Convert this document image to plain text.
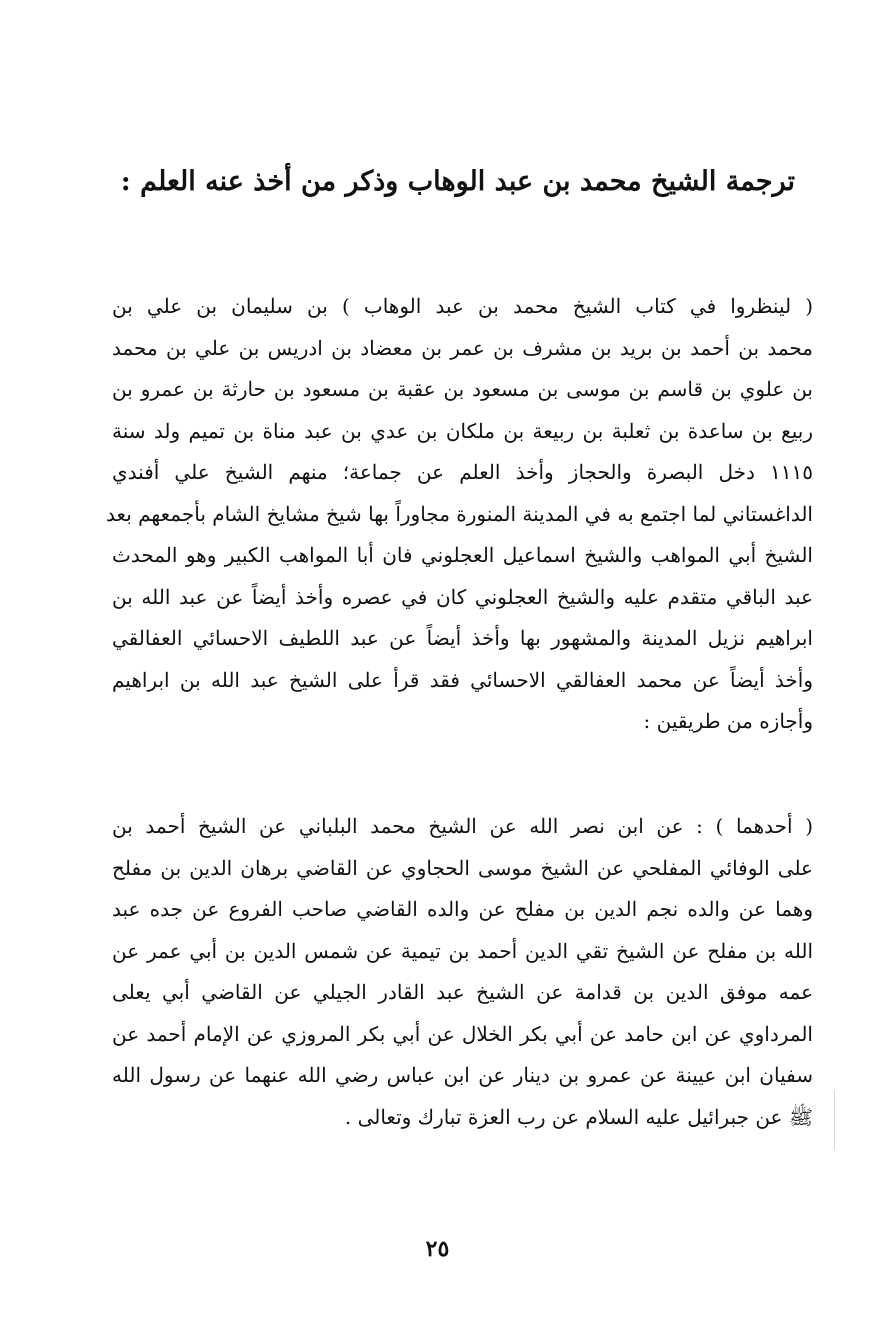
ترجمة الشيخ محمد بن عبد الوهاب وذكر من أخذ عنه العلم :
( لينظروا في كتاب الشيخ محمد بن عبد الوهاب ) بن سليمان بن علي بن
محمد بن أحمد بن بريد بن مشرف بن عمر بن معضاد بن ادريس بن علي بن محمد
بن علوي بن قاسم بن موسى بن مسعود بن عقبة بن مسعود بن حارثة بن عمرو بن
ربيع بن ساعدة بن ثعلبة بن ربيعة بن ملكان بن عدي بن عبد مناة بن تميم ولد سنة
١١١٥ دخل البصرة والحجاز وأخذ العلم عن جماعة؛ منهم الشيخ علي أفندي
الداغستاني لما اجتمع به في المدينة المنورة مجاوراً بها شيخ مشايخ الشام بأجمعهم بعد
الشيخ أبي المواهب والشيخ اسماعيل العجلوني فان أبا المواهب الكبير وهو المحدث
عبد الباقي متقدم عليه والشيخ العجلوني كان في عصره وأخذ أيضاً عن عبد الله بن
ابراهيم نزيل المدينة والمشهور بها وأخذ أيضاً عن عبد اللطيف الاحسائي العفالقي
وأخذ أيضاً عن محمد العفالقي الاحسائي فقد قرأ على الشيخ عبد الله بن ابراهيم
وأجازه من طريقين :
( أحدهما ) : عن ابن نصر الله عن الشيخ محمد البلباني عن الشيخ أحمد بن
على الوفائي المفلحي عن الشيخ موسى الحجاوي عن القاضي برهان الدين بن مفلح
وهما عن والده نجم الدين بن مفلح عن والده القاضي صاحب الفروع عن جده عبد
الله بن مفلح عن الشيخ تقي الدين أحمد بن تيمية عن شمس الدين بن أبي عمر عن
عمه موفق الدين بن قدامة عن الشيخ عبد القادر الجيلي عن القاضي أبي يعلى
المرداوي عن ابن حامد عن أبي بكر الخلال عن أبي بكر المروزي عن الإمام أحمد عن
سفيان ابن عيينة عن عمرو بن دينار عن ابن عباس رضي الله عنهما عن رسول الله
ﷺ عن جبرائيل عليه السلام عن رب العزة تبارك وتعالى .
٢٥
